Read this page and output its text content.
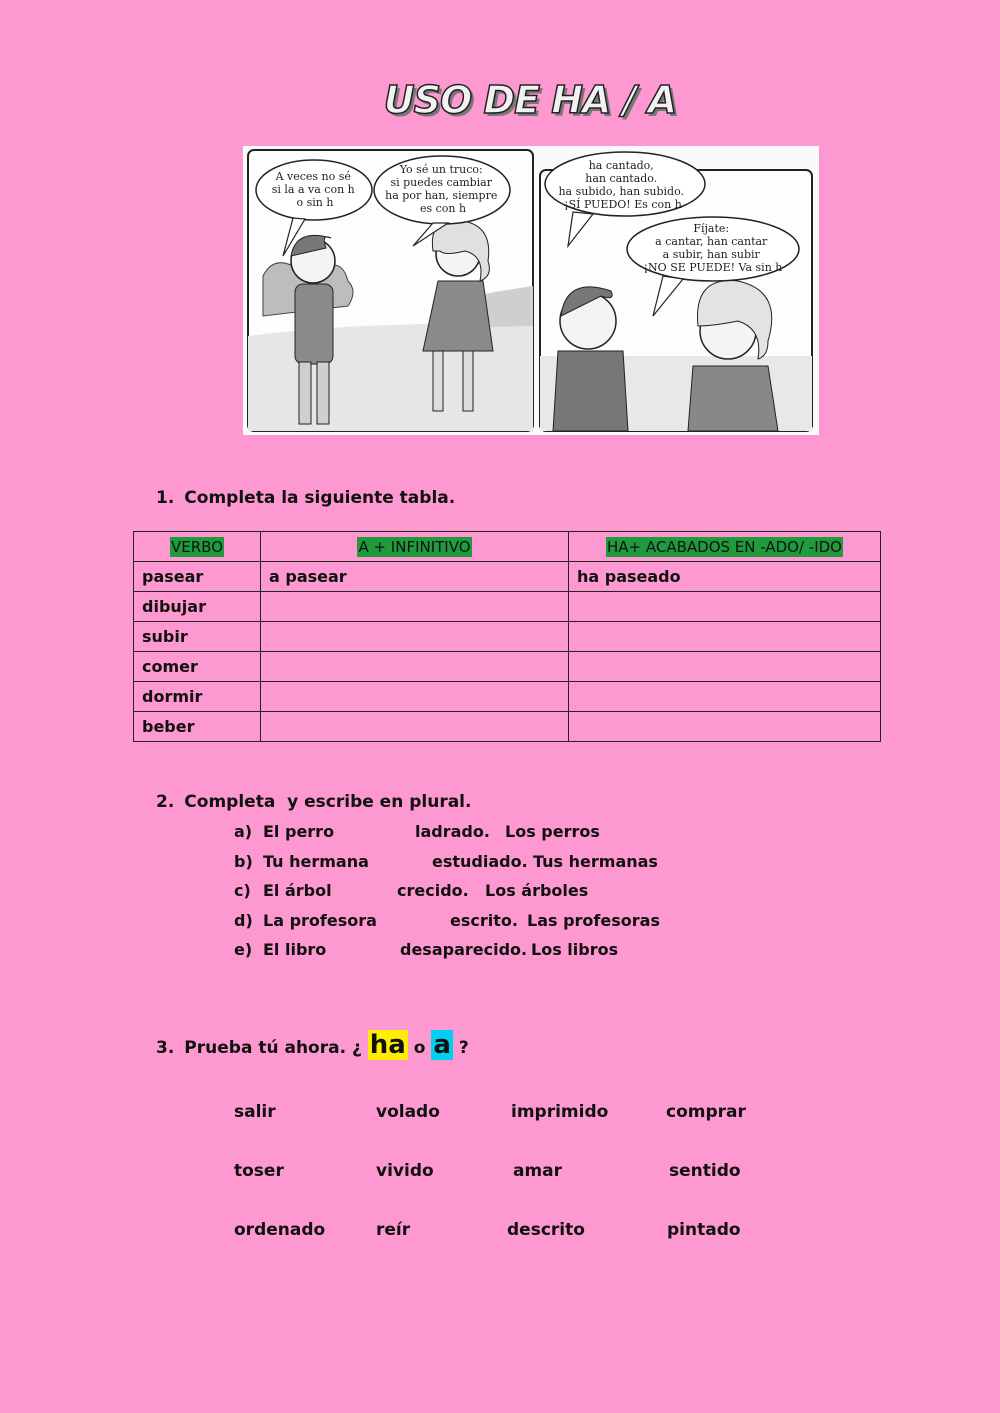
USO DE HA / A
A veces no sé si la a va con h o sin h
Yo sé un truco: si puedes cambiar ha por han, siempre es con h
ha cantado, han cantado. ha subido, han subido. ¡SÍ PUEDO! Es con h
Fíjate: a cantar, han cantar a subir, han subir ¡NO SE PUEDE! Va sin h
1. Completa la siguiente tabla.
VERBO	A + INFINITIVO	HA+ ACABADOS EN -ADO/ -IDO
pasear	a pasear	ha paseado
dibujar		
subir		
comer		
dormir		
beber		
2. Completa  y escribe en plural.
a) El perro	ladrado. Los perros
b) Tu hermana	estudiado. Tus hermanas
c) El árbol	crecido. Los árboles
d) La profesora	escrito. Las profesoras
e) El libro	desaparecido. Los libros
3. Prueba tú ahora. ¿ ha o a ?
salir	volado	imprimido	comprar
toser	vivido	amar	sentido
ordenado	reír	descrito	pintado
